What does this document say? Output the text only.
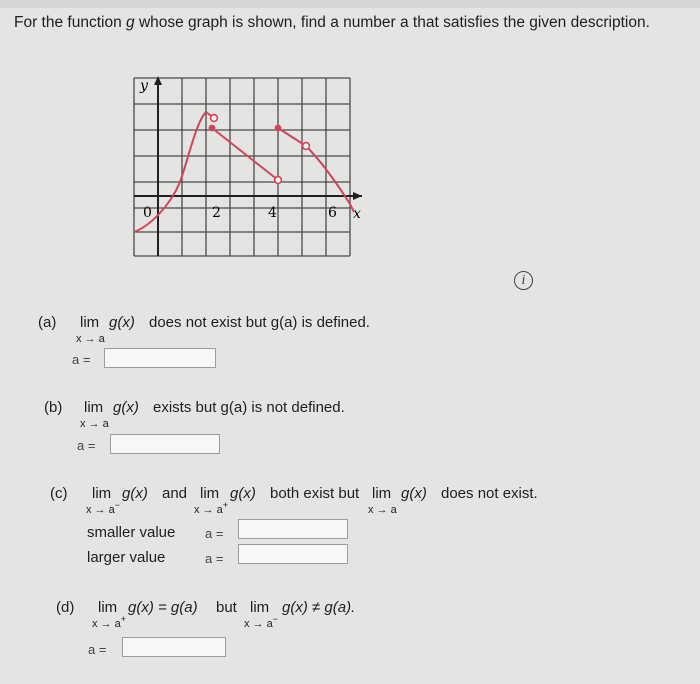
For the function g whose graph is shown, find a number a that satisfies the given description.
y
x
0	2	4	6
i
(a) lim
x → a
g(x) does not exist but g(a) is defined.
a =
(b) lim
x → a
g(x) exists but g(a) is not defined.
a =
(c) lim
x → a−
g(x) and lim
x → a+
g(x) both exist but lim
x → a
g(x) does not exist.
smaller value a =
larger value	a =
(d) lim
x → a+
g(x) = g(a) but lim
x → a−
g(x) ≠ g(a).
a =
